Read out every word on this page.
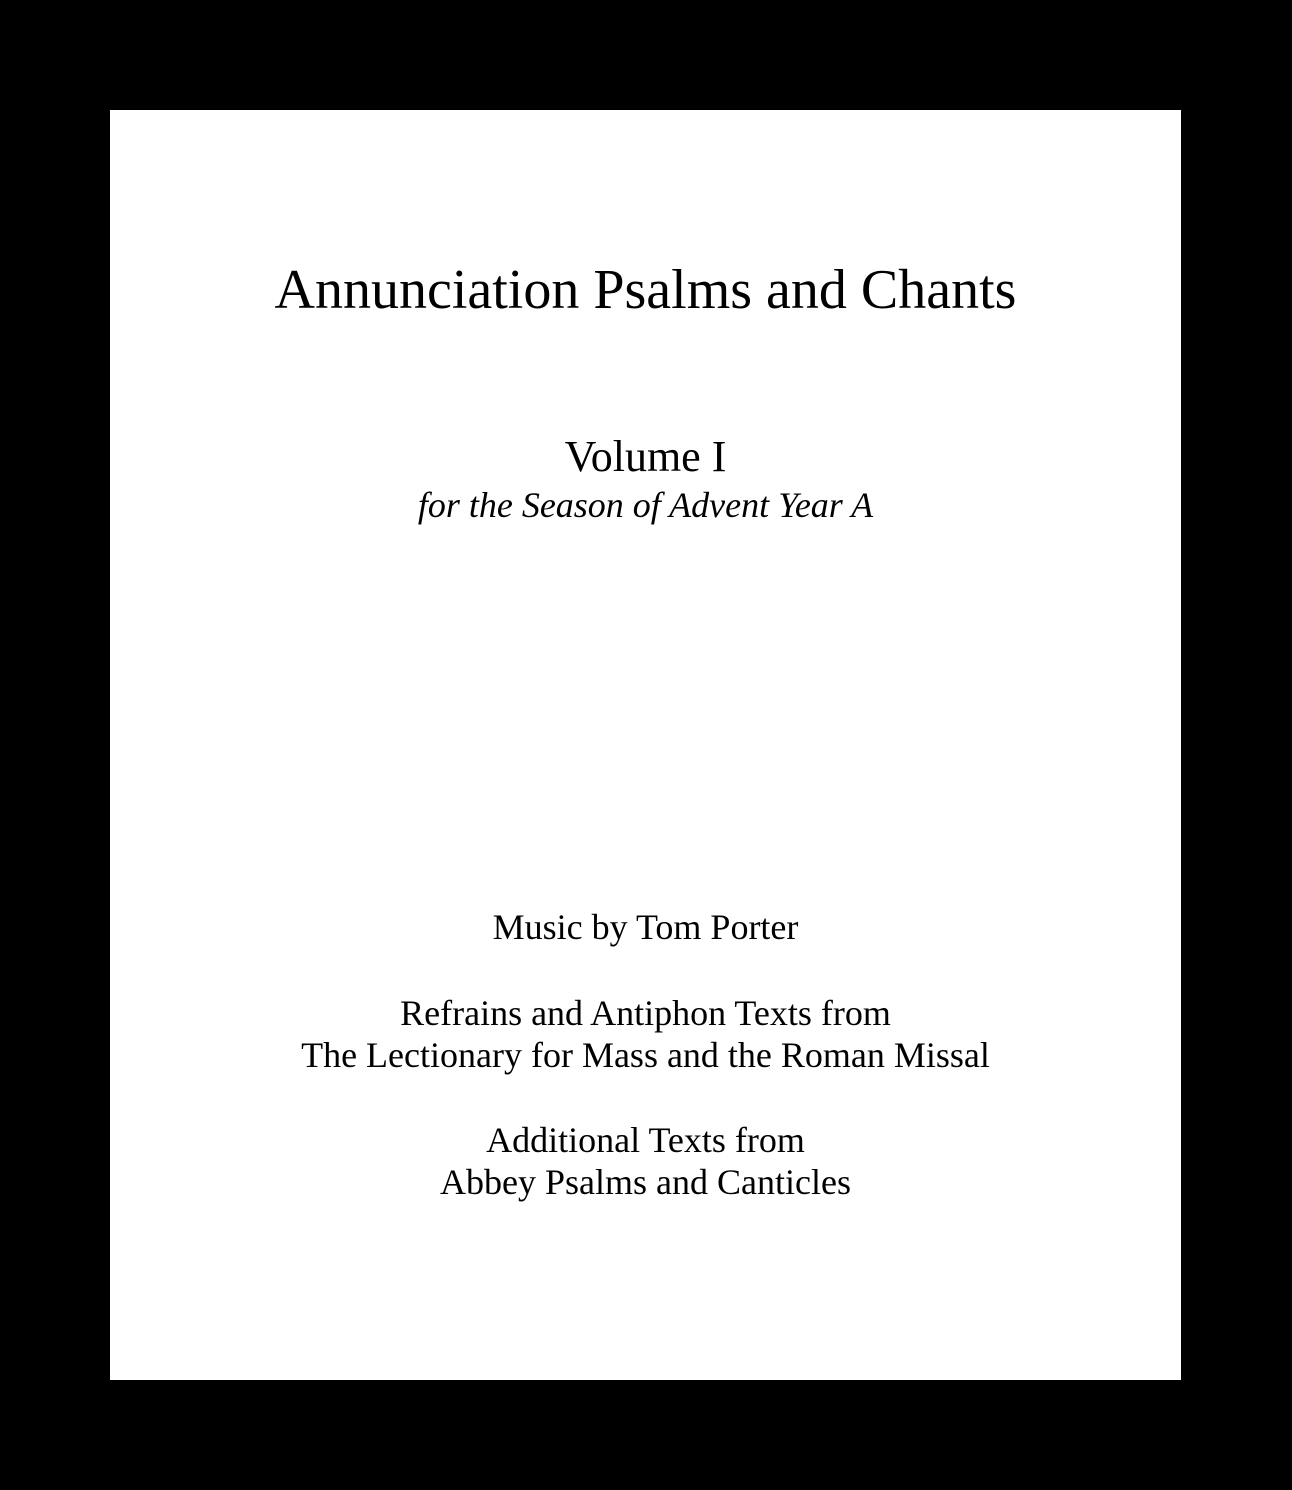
Annunciation Psalms and Chants
Volume I
for the Season of Advent Year A
Music by Tom Porter
Refrains and Antiphon Texts from
The Lectionary for Mass and the Roman Missal
Additional Texts from
Abbey Psalms and Canticles
